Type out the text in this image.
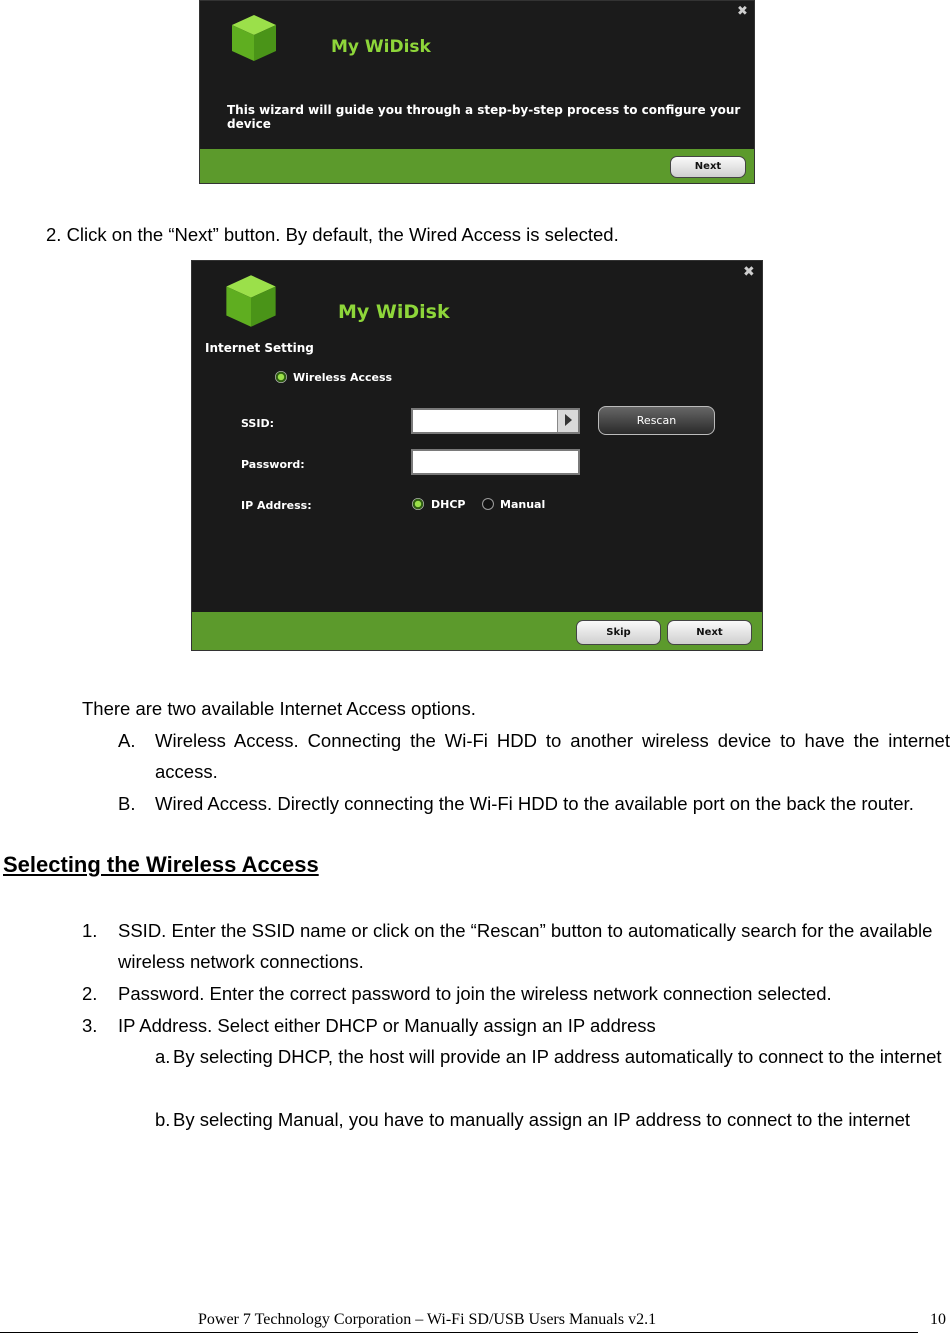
My WiDisk
✖
This wizard will guide you through a step-by-step process to configure your device
Next
2. Click on the “Next” button. By default, the Wired Access is selected.
My WiDisk
✖
Internet Setting
Wireless Access
SSID:	Rescan
Password:
IP Address:	DHCP	Manual
Skip	Next
There are two available Internet Access options.
A. Wireless Access. Connecting the Wi-Fi HDD to another wireless device to have the internet access.
B. Wired Access. Directly connecting the Wi-Fi HDD to the available port on the back the router.
Selecting the Wireless Access
1. SSID. Enter the SSID name or click on the “Rescan” button to automatically search for the available wireless network connections.
2. Password. Enter the correct password to join the wireless network connection selected.
3. IP Address. Select either DHCP or Manually assign an IP address
a. By selecting DHCP, the host will provide an IP address automatically to connect to the internet
b. By selecting Manual, you have to manually assign an IP address to connect to the internet
Power 7 Technology Corporation – Wi-Fi SD/USB Users Manuals v2.1	10
